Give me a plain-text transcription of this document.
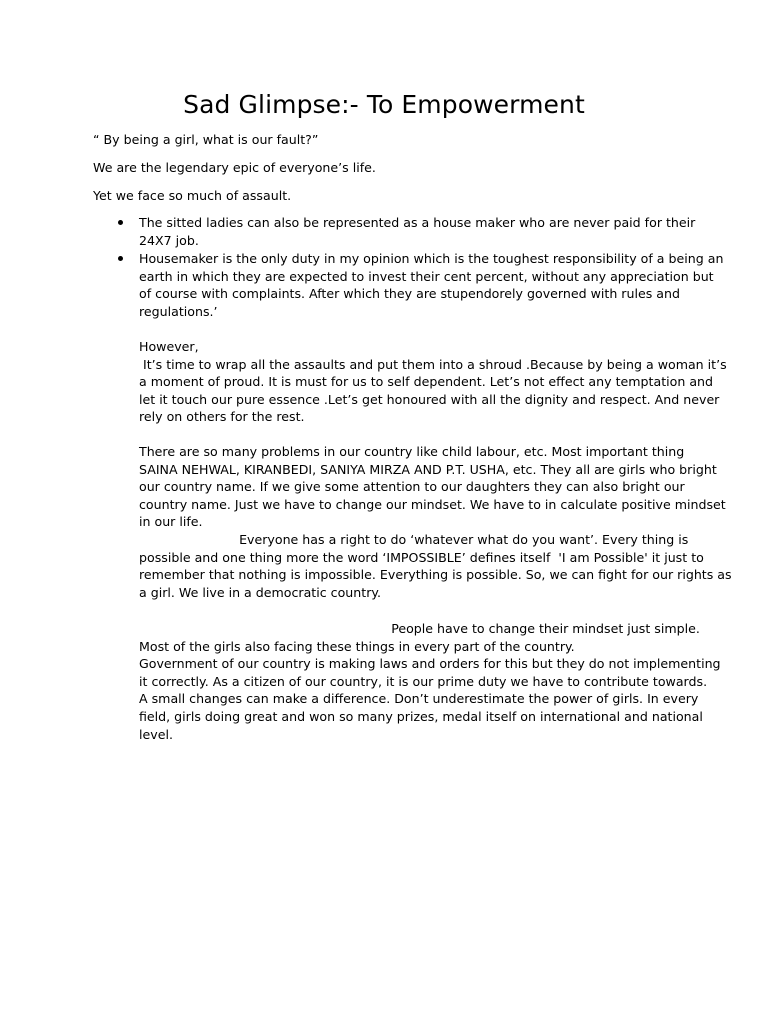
Sad Glimpse:- To Empowerment

“ By being a girl, what is our fault?”

We are the legendary epic of everyone’s life.

Yet we face so much of assault.

The sitted ladies can also be represented as a house maker who are never paid for their
24X7 job.
Housemaker is the only duty in my opinion which is the toughest responsibility of a being an
earth in which they are expected to invest their cent percent, without any appreciation but
of course with complaints. After which they are stupendorely governed with rules and
regulations.’
However,
It’s time to wrap all the assaults and put them into a shroud .Because by being a woman it’s
a moment of proud. It is must for us to self dependent. Let’s not effect any temptation and
let it touch our pure essence .Let’s get honoured with all the dignity and respect. And never
rely on others for the rest.
There are so many problems in our country like child labour, etc. Most important thing
SAINA NEHWAL, KIRANBEDI, SANIYA MIRZA AND P.T. USHA, etc. They all are girls who bright
our country name. If we give some attention to our daughters they can also bright our
country name. Just we have to change our mindset. We have to in calculate positive mindset
in our life.
Everyone has a right to do ‘whatever what do you want’. Every thing is
possible and one thing more the word ‘IMPOSSIBLE’ defines itself  'I am Possible' it just to
remember that nothing is impossible. Everything is possible. So, we can fight for our rights as
a girl. We live in a democratic country.
People have to change their mindset just simple.
Most of the girls also facing these things in every part of the country.
Government of our country is making laws and orders for this but they do not implementing
it correctly. As a citizen of our country, it is our prime duty we have to contribute towards.
A small changes can make a difference. Don’t underestimate the power of girls. In every
field, girls doing great and won so many prizes, medal itself on international and national
level.
